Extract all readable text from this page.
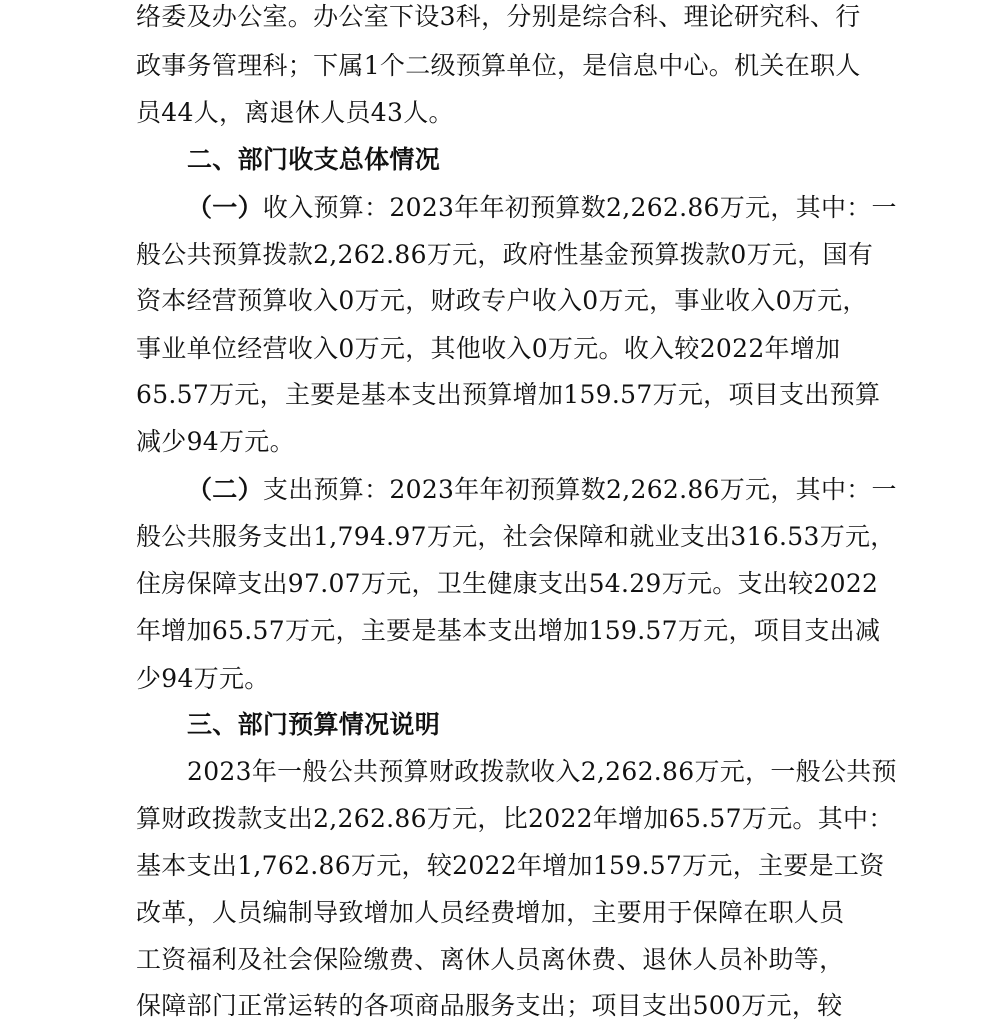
络委及办公室。办公室下设3科，分别是综合科、理论研究科、行
政事务管理科；下属1个二级预算单位，是信息中心。机关在职人
员44人，离退休人员43人。
二、部门收支总体情况
（一）收入预算：2023年年初预算数2,262.86万元，其中：一
般公共预算拨款2,262.86万元，政府性基金预算拨款0万元，国有
资本经营预算收入0万元，财政专户收入0万元，事业收入0万元，
事业单位经营收入0万元，其他收入0万元。收入较2022年增加
65.57万元，主要是基本支出预算增加159.57万元，项目支出预算
减少94万元。
（二）支出预算：2023年年初预算数2,262.86万元，其中：一
般公共服务支出1,794.97万元，社会保障和就业支出316.53万元，
住房保障支出97.07万元，卫生健康支出54.29万元。支出较2022
年增加65.57万元，主要是基本支出增加159.57万元，项目支出减
少94万元。
三、部门预算情况说明
2023年一般公共预算财政拨款收入2,262.86万元，一般公共预
算财政拨款支出2,262.86万元，比2022年增加65.57万元。其中：
基本支出1,762.86万元，较2022年增加159.57万元，主要是工资
改革，人员编制导致增加人员经费增加，主要用于保障在职人员
工资福利及社会保险缴费、离休人员离休费、退休人员补助等，
保障部门正常运转的各项商品服务支出；项目支出500万元，较
